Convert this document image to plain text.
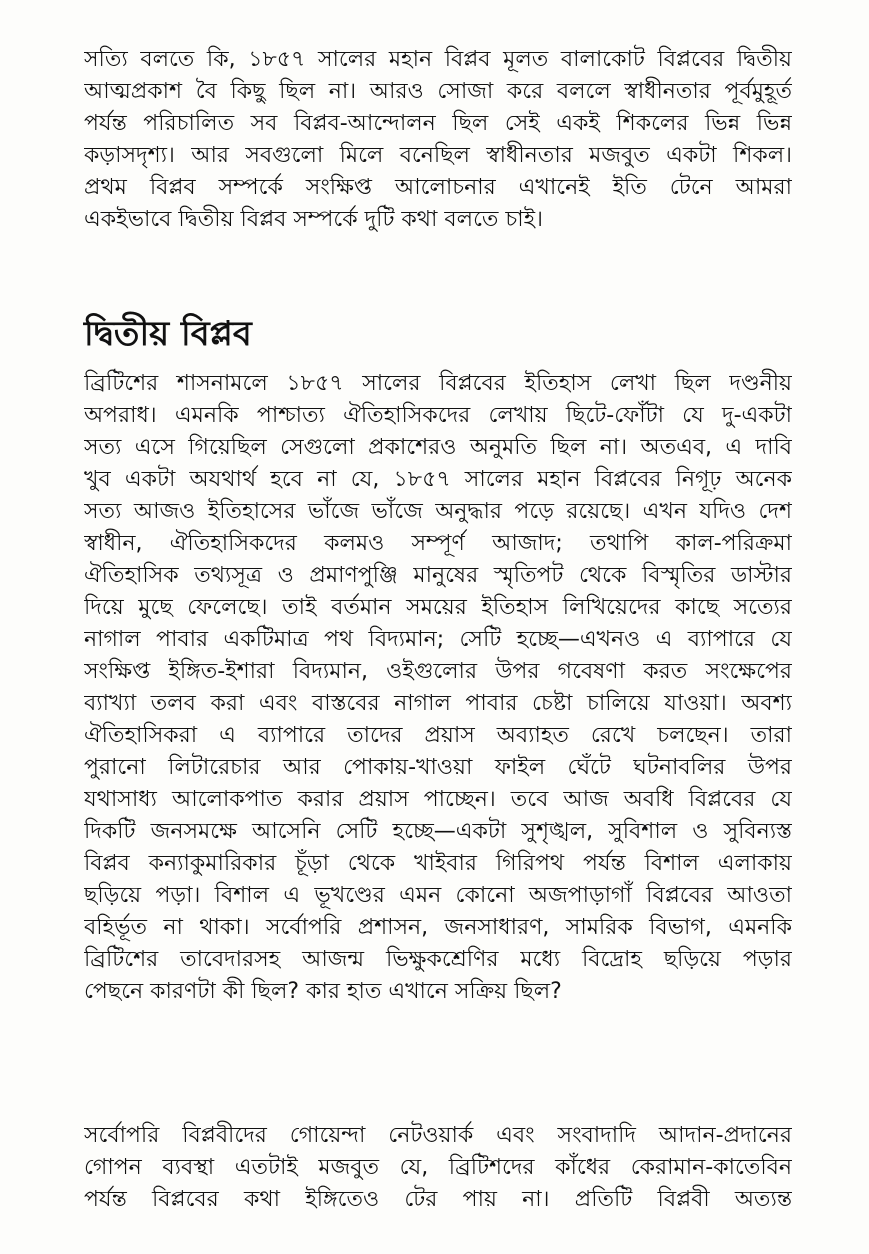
সত্যি বলতে কি, ১৮৫৭ সালের মহান বিপ্লব মূলত বালাকোট বিপ্লবের দ্বিতীয়
আত্মপ্রকাশ বৈ কিছু ছিল না। আরও সোজা করে বললে স্বাধীনতার পূর্বমুহূর্ত
পর্যন্ত পরিচালিত সব বিপ্লব-আন্দোলন ছিল সেই একই শিকলের ভিন্ন ভিন্ন
কড়াসদৃশ্য। আর সবগুলো মিলে বনেছিল স্বাধীনতার মজবুত একটা শিকল।
প্রথম বিপ্লব সম্পর্কে সংক্ষিপ্ত আলোচনার এখানেই ইতি টেনে আমরা
একইভাবে দ্বিতীয় বিপ্লব সম্পর্কে দুটি কথা বলতে চাই।
দ্বিতীয় বিপ্লব
ব্রিটিশের শাসনামলে ১৮৫৭ সালের বিপ্লবের ইতিহাস লেখা ছিল দণ্ডনীয়
অপরাধ। এমনকি পাশ্চাত্য ঐতিহাসিকদের লেখায় ছিটে-ফোঁটা যে দু-একটা
সত্য এসে গিয়েছিল সেগুলো প্রকাশেরও অনুমতি ছিল না। অতএব, এ দাবি
খুব একটা অযথার্থ হবে না যে, ১৮৫৭ সালের মহান বিপ্লবের নিগূঢ় অনেক
সত্য আজও ইতিহাসের ভাঁজে ভাঁজে অনুদ্ধার পড়ে রয়েছে। এখন যদিও দেশ
স্বাধীন, ঐতিহাসিকদের কলমও সম্পূর্ণ আজাদ; তথাপি কাল-পরিক্রমা
ঐতিহাসিক তথ্যসূত্র ও প্রমাণপুঞ্জি মানুষের স্মৃতিপট থেকে বিস্মৃতির ডাস্টার
দিয়ে মুছে ফেলেছে। তাই বর্তমান সময়ের ইতিহাস লিখিয়েদের কাছে সত্যের
নাগাল পাবার একটিমাত্র পথ বিদ্যমান; সেটি হচ্ছে—এখনও এ ব্যাপারে যে
সংক্ষিপ্ত ইঙ্গিত-ইশারা বিদ্যমান, ওইগুলোর উপর গবেষণা করত সংক্ষেপের
ব্যাখ্যা তলব করা এবং বাস্তবের নাগাল পাবার চেষ্টা চালিয়ে যাওয়া। অবশ্য
ঐতিহাসিকরা এ ব্যাপারে তাদের প্রয়াস অব্যাহত রেখে চলছেন। তারা
পুরানো লিটারেচার আর পোকায়-খাওয়া ফাইল ঘেঁটে ঘটনাবলির উপর
যথাসাধ্য আলোকপাত করার প্রয়াস পাচ্ছেন। তবে আজ অবধি বিপ্লবের যে
দিকটি জনসমক্ষে আসেনি সেটি হচ্ছে—একটা সুশৃঙ্খল, সুবিশাল ও সুবিন্যস্ত
বিপ্লব কন্যাকুমারিকার চূঁড়া থেকে খাইবার গিরিপথ পর্যন্ত বিশাল এলাকায়
ছড়িয়ে পড়া। বিশাল এ ভূখণ্ডের এমন কোনো অজপাড়াগাঁ বিপ্লবের আওতা
বহির্ভূত না থাকা। সর্বোপরি প্রশাসন, জনসাধারণ, সামরিক বিভাগ, এমনকি
ব্রিটিশের তাবেদারসহ আজন্ম ভিক্ষুকশ্রেণির মধ্যে বিদ্রোহ ছড়িয়ে পড়ার
পেছনে কারণটা কী ছিল? কার হাত এখানে সক্রিয় ছিল?
সর্বোপরি বিপ্লবীদের গোয়েন্দা নেটওয়ার্ক এবং সংবাদাদি আদান-প্রদানের
গোপন ব্যবস্থা এতটাই মজবুত যে, ব্রিটিশদের কাঁধের কেরামান-কাতেবিন
পর্যন্ত বিপ্লবের কথা ইঙ্গিতেও টের পায় না। প্রতিটি বিপ্লবী অত্যন্ত
